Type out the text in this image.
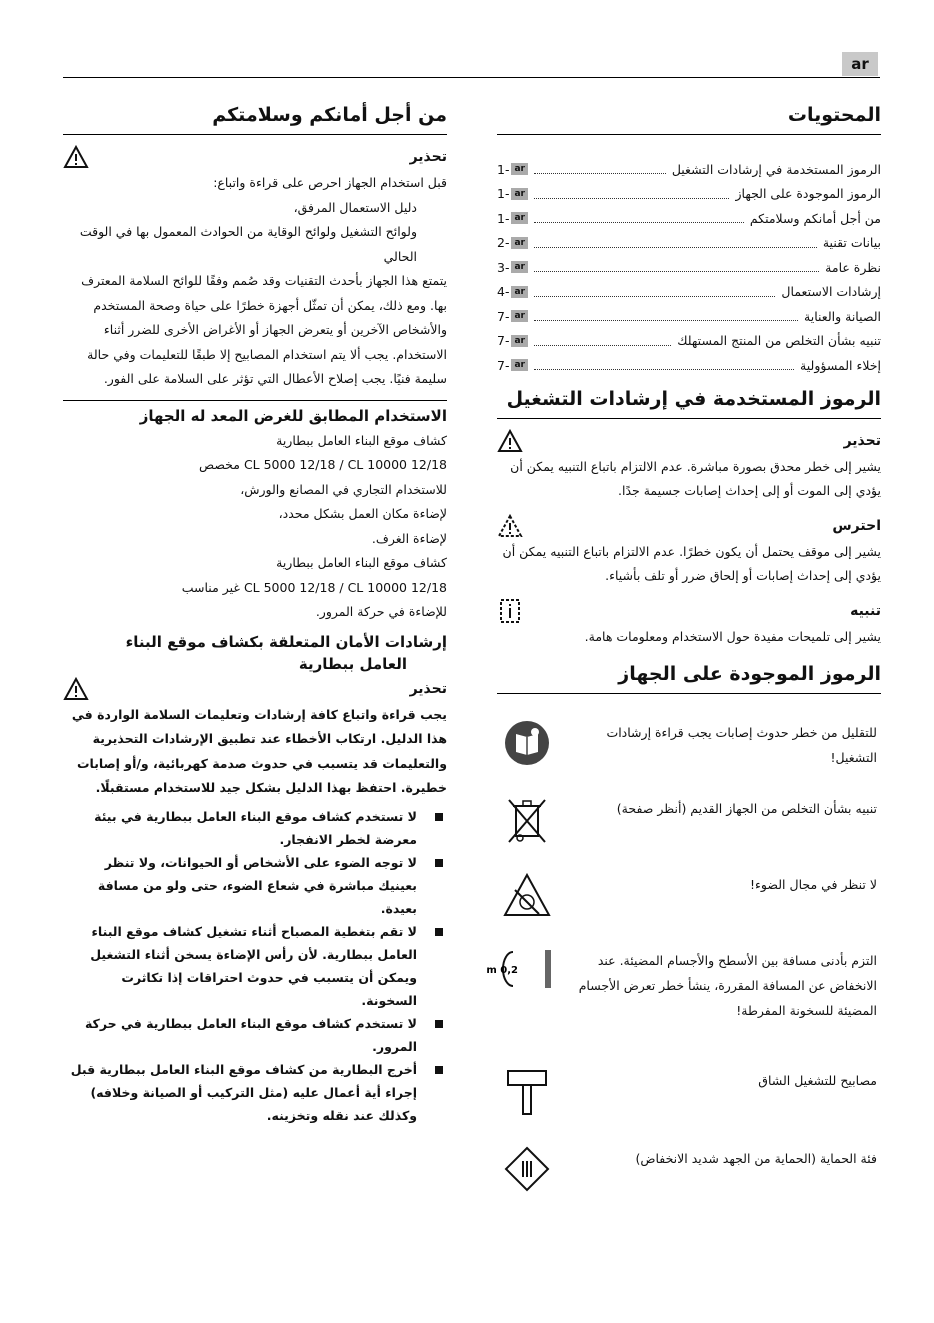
ar
المحتويات
الرموز المستخدمة في إرشادات التشغيل
1- ar
الرموز الموجودة على الجهاز
1- ar
من أجل أمانكم وسلامتكم
1- ar
بيانات تقنية
2- ar
نظرة عامة
3- ar
إرشادات الاستعمال
4- ar
الصيانة والعناية
7- ar
تنبيه بشأن التخلص من المنتج المستهلك
7- ar
إخلاء المسؤولية
7- ar
الرموز المستخدمة في إرشادات التشغيل
تحذير

يشير إلى خطر محدق بصورة مباشرة. عدم الالتزام باتباع التنبيه يمكن أن يؤدي إلى الموت أو إلى إحداث إصابات جسيمة جدًا.

احترس

يشير إلى موقف يحتمل أن يكون خطرًا. عدم الالتزام باتباع التنبيه يمكن أن يؤدي إلى إحداث إصابات أو إلحاق ضرر أو تلف بأشياء.

تنبيه

يشير إلى تلميحات مفيدة حول الاستخدام ومعلومات هامة.

الرموز الموجودة على الجهاز
للتقليل من خطر حدوث إصابات يجب قراءة إرشادات التشغيل!
تنبيه بشأن التخلص من الجهاز القديم (أنظر صفحة)
لا تنظر في مجال الضوء!
التزم بأدنى مسافة بين الأسطح والأجسام المضيئة. عند الانخفاض عن المسافة المقررة، ينشأ خطر تعرض الأجسام المضيئة للسخونة المفرطة!
0,2 m
مصابيح للتشغيل الشاق
فئة الحماية (الحماية من الجهد شديد الانخفاض)
من أجل أمانكم وسلامتكم
تحذير

قبل استخدام الجهاز احرص على قراءة واتباع:

دليل الاستعمال المرفق،

ولوائح التشغيل ولوائح الوقاية من الحوادث المعمول بها في الوقت الحالي

يتمتع هذا الجهاز بأحدث التقنيات وقد صُمم وفقًا للوائح السلامة المعترف بها. ومع ذلك، يمكن أن تمثّل أجهزة خطرًا على حياة وصحة المستخدم والأشخاص الآخرين أو يتعرض الجهاز أو الأغراض الأخرى للضرر أثناء الاستخدام. يجب ألا يتم استخدام المصابيح إلا طبقًا للتعليمات وفي حالة سليمة فنيًا. يجب إصلاح الأعطال التي تؤثر على السلامة على الفور.

الاستخدام المطابق للغرض المعد له الجهاز

كشاف موقع البناء العامل ببطارية

CL 5000 12/18 / CL 10000 12/18 مخصص

للاستخدام التجاري في المصانع والورش،

لإضاءة مكان العمل بشكل محدد،

لإضاءة الغرف.

كشاف موقع البناء العامل ببطارية

CL 5000 12/18 / CL 10000 12/18 غير مناسب

للإضاءة في حركة المرور.

إرشادات الأمان المتعلقة بكشاف موقع البناء
العامل ببطارية
تحذير

يجب قراءة واتباع كافة إرشادات وتعليمات السلامة الواردة في هذا الدليل. ارتكاب الأخطاء عند تطبيق الإرشادات التحذيرية والتعليمات قد يتسبب في حدوث صدمة كهربائية، و/أو إصابات خطيرة. احتفظ بهذا الدليل بشكل جيد للاستخدام مستقبلًا.

لا تستخدم كشاف موقع البناء العامل ببطارية في بيئة معرضة لخطر الانفجار.
لا توجه الضوء على الأشخاص أو الحيوانات، ولا تنظر بعينيك مباشرة في شعاع الضوء، حتى ولو من مسافة بعيدة.
لا تقم بتغطية المصباح أثناء تشغيل كشاف موقع البناء العامل ببطارية. لأن رأس الإضاءة يسخن أثناء التشغيل ويمكن أن يتسبب في حدوث احتراقات إذا تكاثرت السخونة.
لا تستخدم كشاف موقع البناء العامل ببطارية في حركة المرور.
أخرج البطارية من كشاف موقع البناء العامل ببطارية قبل إجراء أية أعمال عليه (مثل التركيب أو الصيانة وخلافه) وكذلك عند نقله وتخزينه.
